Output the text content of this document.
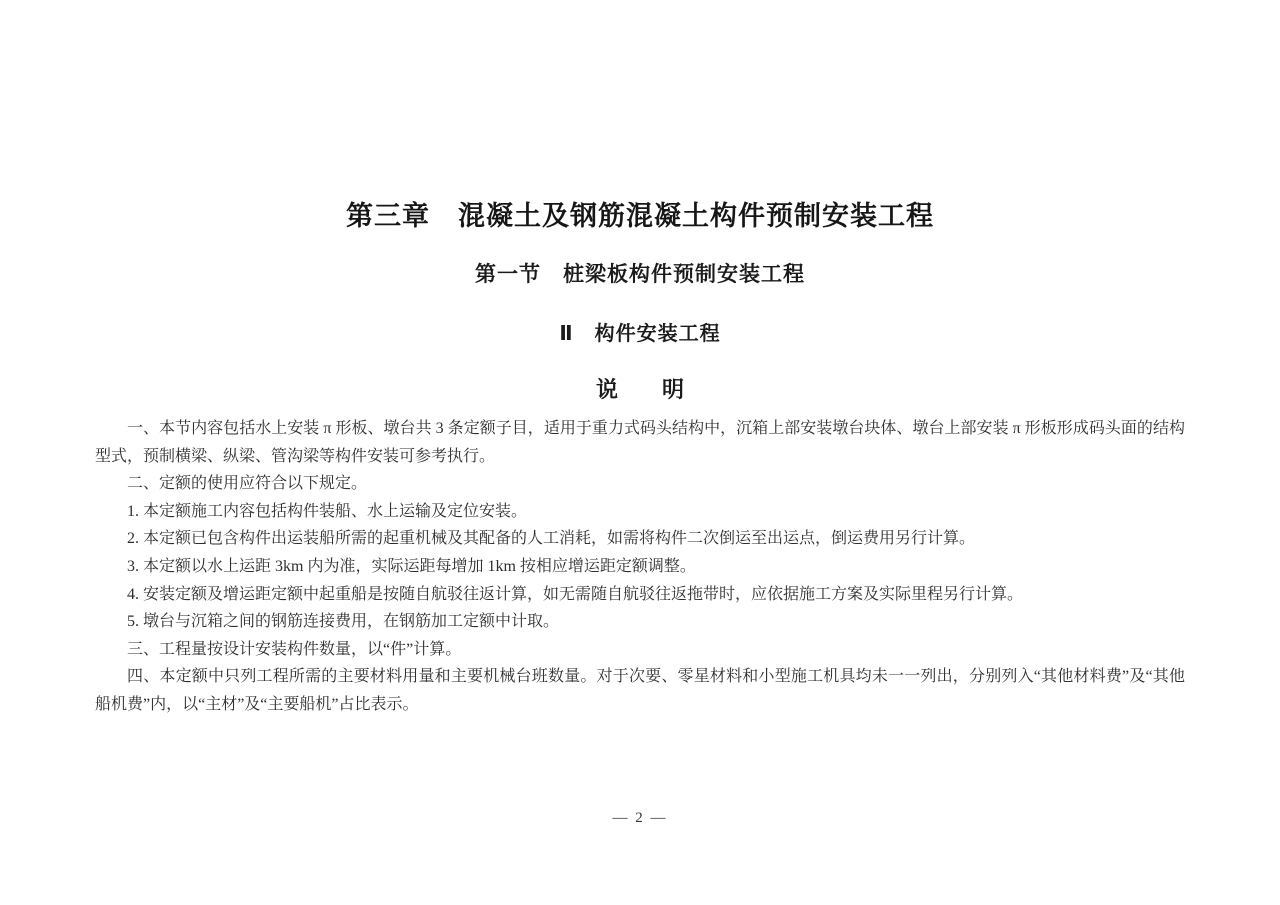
第三章　混凝土及钢筋混凝土构件预制安装工程
第一节　桩梁板构件预制安装工程
Ⅱ　构件安装工程
说　　明

一、本节内容包括水上安装 π 形板、墩台共 3 条定额子目，适用于重力式码头结构中，沉箱上部安装墩台块体、墩台上部安装 π 形板形成码头面的结构型式，预制横梁、纵梁、管沟梁等构件安装可参考执行。

二、定额的使用应符合以下规定。

1. 本定额施工内容包括构件装船、水上运输及定位安装。

2. 本定额已包含构件出运装船所需的起重机械及其配备的人工消耗，如需将构件二次倒运至出运点，倒运费用另行计算。

3. 本定额以水上运距 3km 内为准，实际运距每增加 1km 按相应增运距定额调整。

4. 安装定额及增运距定额中起重船是按随自航驳往返计算，如无需随自航驳往返拖带时，应依据施工方案及实际里程另行计算。

5. 墩台与沉箱之间的钢筋连接费用，在钢筋加工定额中计取。

三、工程量按设计安装构件数量，以“件”计算。

四、本定额中只列工程所需的主要材料用量和主要机械台班数量。对于次要、零星材料和小型施工机具均未一一列出，分别列入“其他材料费”及“其他船机费”内，以“主材”及“主要船机”占比表示。

— 2 —
